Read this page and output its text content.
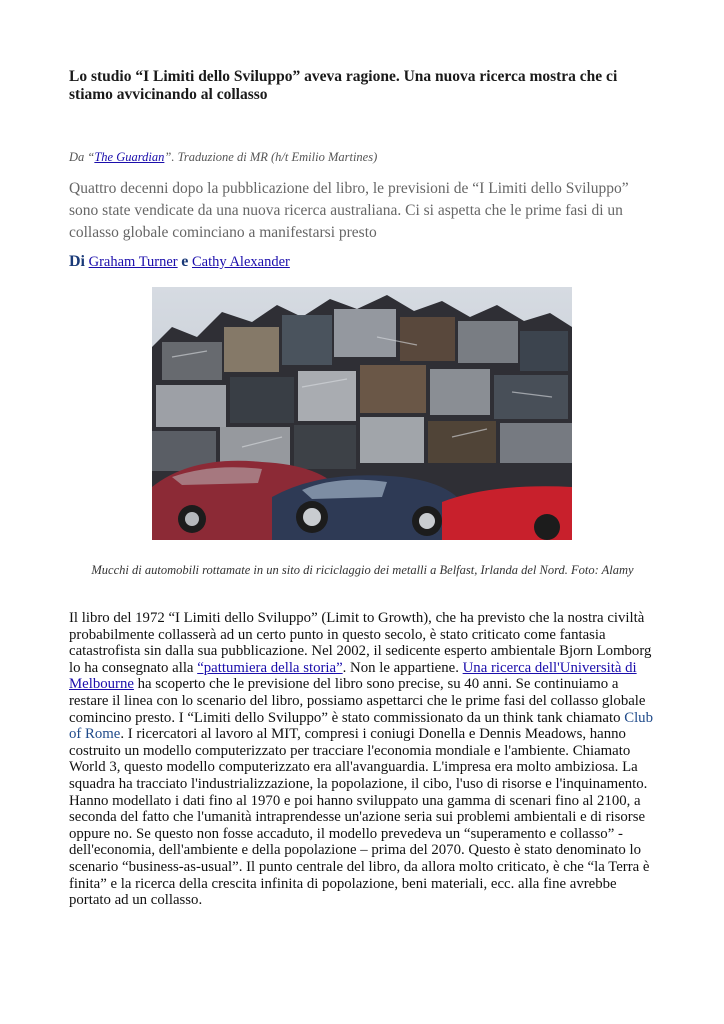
Lo studio “I Limiti dello Sviluppo” aveva ragione. Una nuova ricerca mostra che ci stiamo avvicinando al collasso
Da “The Guardian”. Traduzione di MR (h/t Emilio Martines)
Quattro decenni dopo la pubblicazione del libro, le previsioni de “I Limiti dello Sviluppo” sono state vendicate da una nuova ricerca australiana. Ci si aspetta che le prime fasi di un collasso globale cominciano a manifestarsi presto
Di Graham Turner e Cathy Alexander
Mucchi di automobili rottamate in un sito di riciclaggio dei metalli a Belfast, Irlanda del Nord. Foto: Alamy
Il libro del 1972 “I Limiti dello Sviluppo” (Limit to Growth), che ha previsto che la nostra civiltà probabilmente collasserà ad un certo punto in questo secolo, è stato criticato come fantasia catastrofista sin dalla sua pubblicazione. Nel 2002, il sedicente esperto ambientale Bjorn Lomborg lo ha consegnato alla “pattumiera della storia”. Non le appartiene. Una ricerca dell'Università di Melbourne ha scoperto che le previsione del libro sono precise, su 40 anni. Se continuiamo a restare il linea con lo scenario del libro, possiamo aspettarci che le prime fasi del collasso globale comincino presto. I “Limiti dello Sviluppo” è stato commissionato da un think tank chiamato Club of Rome. I ricercatori al lavoro al MIT, compresi i coniugi Donella e Dennis Meadows, hanno costruito un modello computerizzato per tracciare l'economia mondiale e l'ambiente. Chiamato World 3, questo modello computerizzato era all'avanguardia. L'impresa era molto ambiziosa. La squadra ha tracciato l'industrializzazione, la popolazione, il cibo, l'uso di risorse e l'inquinamento. Hanno modellato i dati fino al 1970 e poi hanno sviluppato una gamma di scenari fino al 2100, a seconda del fatto che l'umanità intraprendesse un'azione seria sui problemi ambientali e di risorse oppure no. Se questo non fosse accaduto, il modello prevedeva un “superamento e collasso” - dell'economia, dell'ambiente e della popolazione – prima del 2070. Questo è stato denominato lo scenario “business-as-usual”. Il punto centrale del libro, da allora molto criticato, è che “la Terra è finita” e la ricerca della crescita infinita di popolazione, beni materiali, ecc. alla fine avrebbe portato ad un collasso.
